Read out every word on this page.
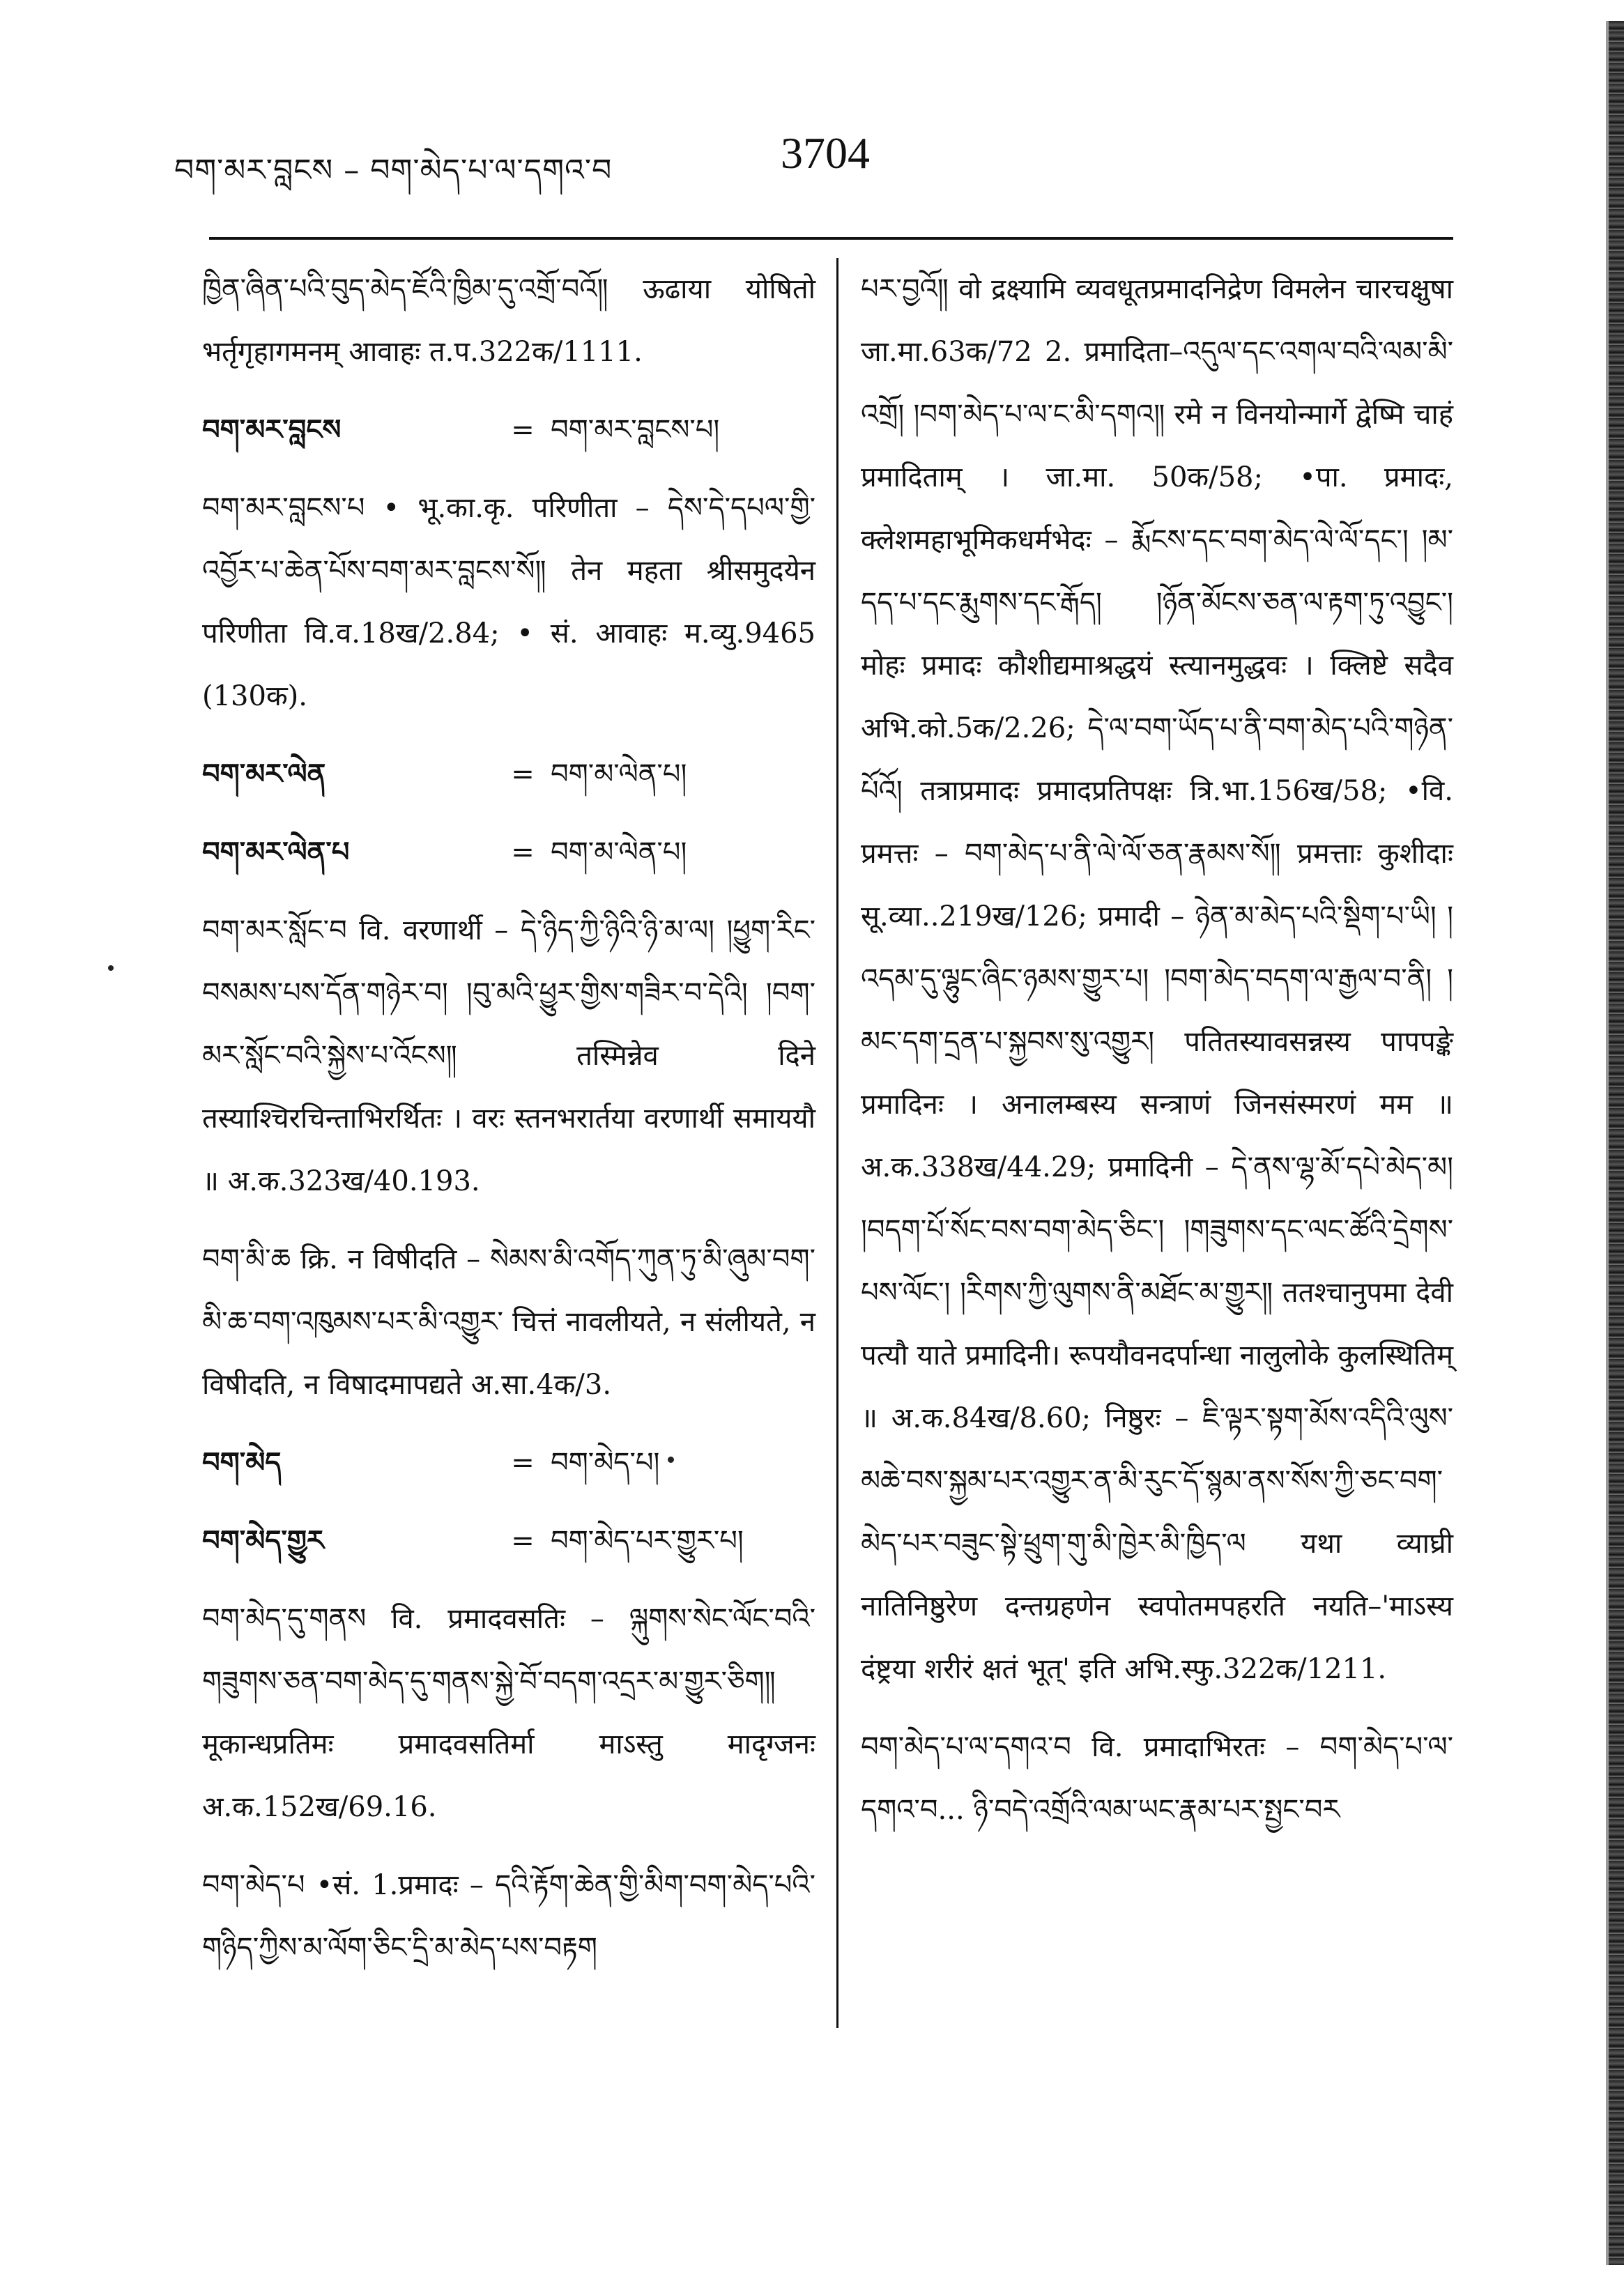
བག་མར་བླངས – བག་མེད་པ་ལ་དགའ་བ	3704
ཁྱིན་ཞིན་པའི་བུད་མེད་ཇོའི་ཁྱིམ་དུ་འགྲོ་བའོ༎ ऊढाया योषितो भर्तृगृहागमनम् आवाहः त.प.322क/1111.
བག་མར་བླངས	= བག་མར་བླངས་པ།
བག་མར་བླངས་པ • भू.का.कृ. परिणीता – དེས་དེ་དཔལ་གྱི་འབྱོར་པ་ཆེན་པོས་བག་མར་བླངས་སོ༎ तेन महता श्रीसमुदयेन परिणीता वि.व.18ख/2.84; • सं. आवाहः म.व्यु.9465 (130क).
བག་མར་ལེན	= བག་མ་ལེན་པ།
བག་མར་ལེན་པ	= བག་མ་ལེན་པ།
བག་མར་སློང་བ वि. वरणार्थी – དེ་ཉིད་ཀྱི་ཉིའི་ཉི་མ་ལ། །ཕྱུག་རིང་བསམས་པས་དོན་གཉེར་བ། །བུ་མའི་ཕྱུར་གྱིས་གཟིར་བ་དེའི། །བག་མར་སློང་བའི་སྐྱེས་པ་འོངས༎ तस्मिन्नेव दिने तस्याश्चिरचिन्ताभिरर्थितः । वरः स्तनभरार्तया वरणार्थी समाययौ ॥ अ.क.323ख/40.193.
བག་མི་ཆ क्रि. न विषीदति – སེམས་མི་འགོད་ཀུན་ཏུ་མི་ཞུམ་བག་མི་ཆ་བག་འཁུམས་པར་མི་འགྱུར་ चित्तं नावलीयते, न संलीयते, न विषीदति, न विषादमापद्यते अ.सा.4क/3.
བག་མེད	= བག་མེད་པ།
བག་མེད་གྱུར	= བག་མེད་པར་གྱུར་པ།
བག་མེད་དུ་གནས वि. प्रमादवसतिः – ལྐུགས་སེང་ལོང་བའི་གཟུགས་ཅན་བག་མེད་དུ་གནས་སྐྱེ་བོ་བདག་འདྲར་མ་གྱུར་ཅིག༎ मूकान्धप्रतिमः प्रमादवसतिर्मा माऽस्तु मादृग्जनः अ.क.152ख/69.16.
བག་མེད་པ •सं. 1.प्रमादः – དའི་རྟོག་ཆེན་གྱི་མིག་བག་མེད་པའི་གཉིད་ཀྱིས་མ་ལོག་ཅིང་དྲི་མ་མེད་པས་བརྟག
པར་བྱའོ༎ वो द्रक्ष्यामि व्यवधूतप्रमादनिद्रेण विमलेन चारचक्षुषा जा.मा.63क/72 2. प्रमादिता–འདུལ་དང་འགལ་བའི་ལམ་མི་འགྲོ། །བག་མེད་པ་ལ་ང་མི་དགའ༎ रमे न विनयोन्मार्गे द्वेष्मि चाहं प्रमादिताम् । जा.मा. 50क/58; •पा. प्रमादः, क्लेशमहाभूमिकधर्मभेदः – རྨོངས་དང་བག་མེད་ལེ་ལོ་དང་། །མ་དད་པ་དང་རྨུགས་དང་རྒོད། །ཉོན་མོངས་ཅན་ལ་རྟག་ཏུ་འབྱུང་། मोहः प्रमादः कौशीद्यमाश्रद्धयं स्त्यानमुद्धवः । क्लिष्टे सदैव अभि.को.5क/2.26; དེ་ལ་བག་ཡོད་པ་ནི་བག་མེད་པའི་གཉེན་པོའོ། तत्राप्रमादः प्रमादप्रतिपक्षः त्रि.भा.156ख/58; •वि. प्रमत्तः – བག་མེད་པ་ནི་ལེ་ལོ་ཅན་རྣམས་སོ༎ प्रमत्ताः कुशीदाः सू.व्या..219ख/126; प्रमादी – ཉེན་མ་མེད་པའི་སྡིག་པ་ཡི། །འདམ་དུ་ལྷུང་ཞིང་ཉམས་གྱུར་པ། །བག་མེད་བདག་ལ་རྒྱལ་བ་ནི། །མང་དག་དྲན་པ་སྐྱབས་སུ་འགྱུར། पतितस्यावसन्नस्य पापपङ्के प्रमादिनः । अनालम्बस्य सन्त्राणं जिनसंस्मरणं मम ॥ अ.क.338ख/44.29; प्रमादिनी – དེ་ནས་ལྷ་མོ་དཔེ་མེད་མ། །བདག་པོ་སོང་བས་བག་མེད་ཅིང་། །གཟུགས་དང་ལང་ཚོའི་དྲེགས་པས་ལོང་། །རིགས་ཀྱི་ལུགས་ནི་མཐོང་མ་གྱུར༎ ततश्चानुपमा देवी पत्यौ याते प्रमादिनी। रूपयौवनदर्पान्धा नालुलोके कुलस्थितिम् ॥ अ.क.84ख/8.60; निष्ठुरः – ཇི་ལྟར་སྟག་མོས་འདིའི་ལུས་མཆེ་བས་སྐྱམ་པར་འགྱུར་ན་མི་རུང་དོ་སྙམ་ནས་སོས་ཀྱི་ཅང་བག་མེད་པར་བཟུང་སྟེ་ཕྲུག་གུ་མི་ཁྱེར་མི་ཁྱིད་ལ यथा व्याघ्री नातिनिष्ठुरेण दन्तग्रहणेन स्वपोतमपहरति नयति–'माऽस्य दंष्ट्रया शरीरं क्षतं भूत्' इति अभि.स्फु.322क/1211.
བག་མེད་པ་ལ་དགའ་བ वि. प्रमादाभिरतः – བག་མེད་པ་ལ་དགའ་བ... ཉི་བདེ་འགྲོའི་ལམ་ཡང་རྣམ་པར་སྤྱང་བར
